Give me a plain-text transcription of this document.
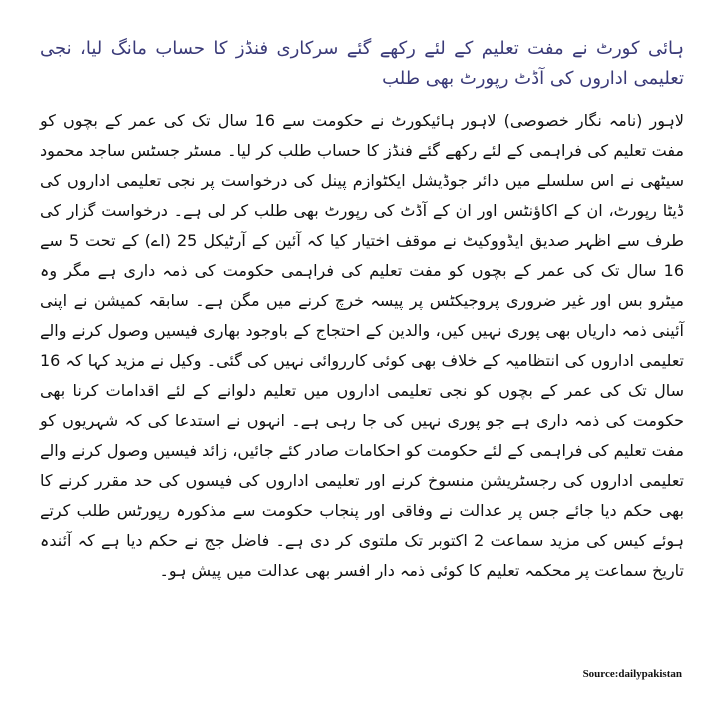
ہائی کورٹ نے مفت تعلیم کے لئے رکھے گئے سرکاری فنڈز کا حساب مانگ لیا، نجی تعلیمی اداروں کی آڈٹ رپورٹ بھی طلب

لاہور (نامہ نگار خصوصی) لاہور ہائیکورٹ نے حکومت سے 16 سال تک کی عمر کے بچوں کو مفت تعلیم کی فراہمی کے لئے رکھے گئے فنڈز کا حساب طلب کر لیا۔ مسٹر جسٹس ساجد محمود سیٹھی نے اس سلسلے میں دائر جوڈیشل ایکٹوازم پینل کی درخواست پر نجی تعلیمی اداروں کی ڈیٹا رپورٹ، ان کے اکاؤنٹس اور ان کے آڈٹ کی رپورٹ بھی طلب کر لی ہے۔ درخواست گزار کی طرف سے اظہر صدیق ایڈووکیٹ نے موقف اختیار کیا کہ آئین کے آرٹیکل 25 (اے) کے تحت 5 سے 16 سال تک کی عمر کے بچوں کو مفت تعلیم کی فراہمی حکومت کی ذمہ داری ہے مگر وہ میٹرو بس اور غیر ضروری پروجیکٹس پر پیسہ خرچ کرنے میں مگن ہے۔ سابقہ کمیشن نے اپنی آئینی ذمہ داریاں بھی پوری نہیں کیں، والدین کے احتجاج کے باوجود بھاری فیسیں وصول کرنے والے تعلیمی اداروں کی انتظامیہ کے خلاف بھی کوئی کارروائی نہیں کی گئی۔ وکیل نے مزید کہا کہ 16 سال تک کی عمر کے بچوں کو نجی تعلیمی اداروں میں تعلیم دلوانے کے لئے اقدامات کرنا بھی حکومت کی ذمہ داری ہے جو پوری نہیں کی جا رہی ہے۔ انہوں نے استدعا کی کہ شہریوں کو مفت تعلیم کی فراہمی کے لئے حکومت کو احکامات صادر کئے جائیں، زائد فیسیں وصول کرنے والے تعلیمی اداروں کی رجسٹریشن منسوخ کرنے اور تعلیمی اداروں کی فیسوں کی حد مقرر کرنے کا بھی حکم دیا جائے جس پر عدالت نے وفاقی اور پنجاب حکومت سے مذکورہ رپورٹس طلب کرتے ہوئے کیس کی مزید سماعت 2 اکتوبر تک ملتوی کر دی ہے۔ فاضل جج نے حکم دیا ہے کہ آئندہ تاریخ سماعت پر محکمہ تعلیم کا کوئی ذمہ دار افسر بھی عدالت میں پیش ہو۔

Source:dailypakistan
